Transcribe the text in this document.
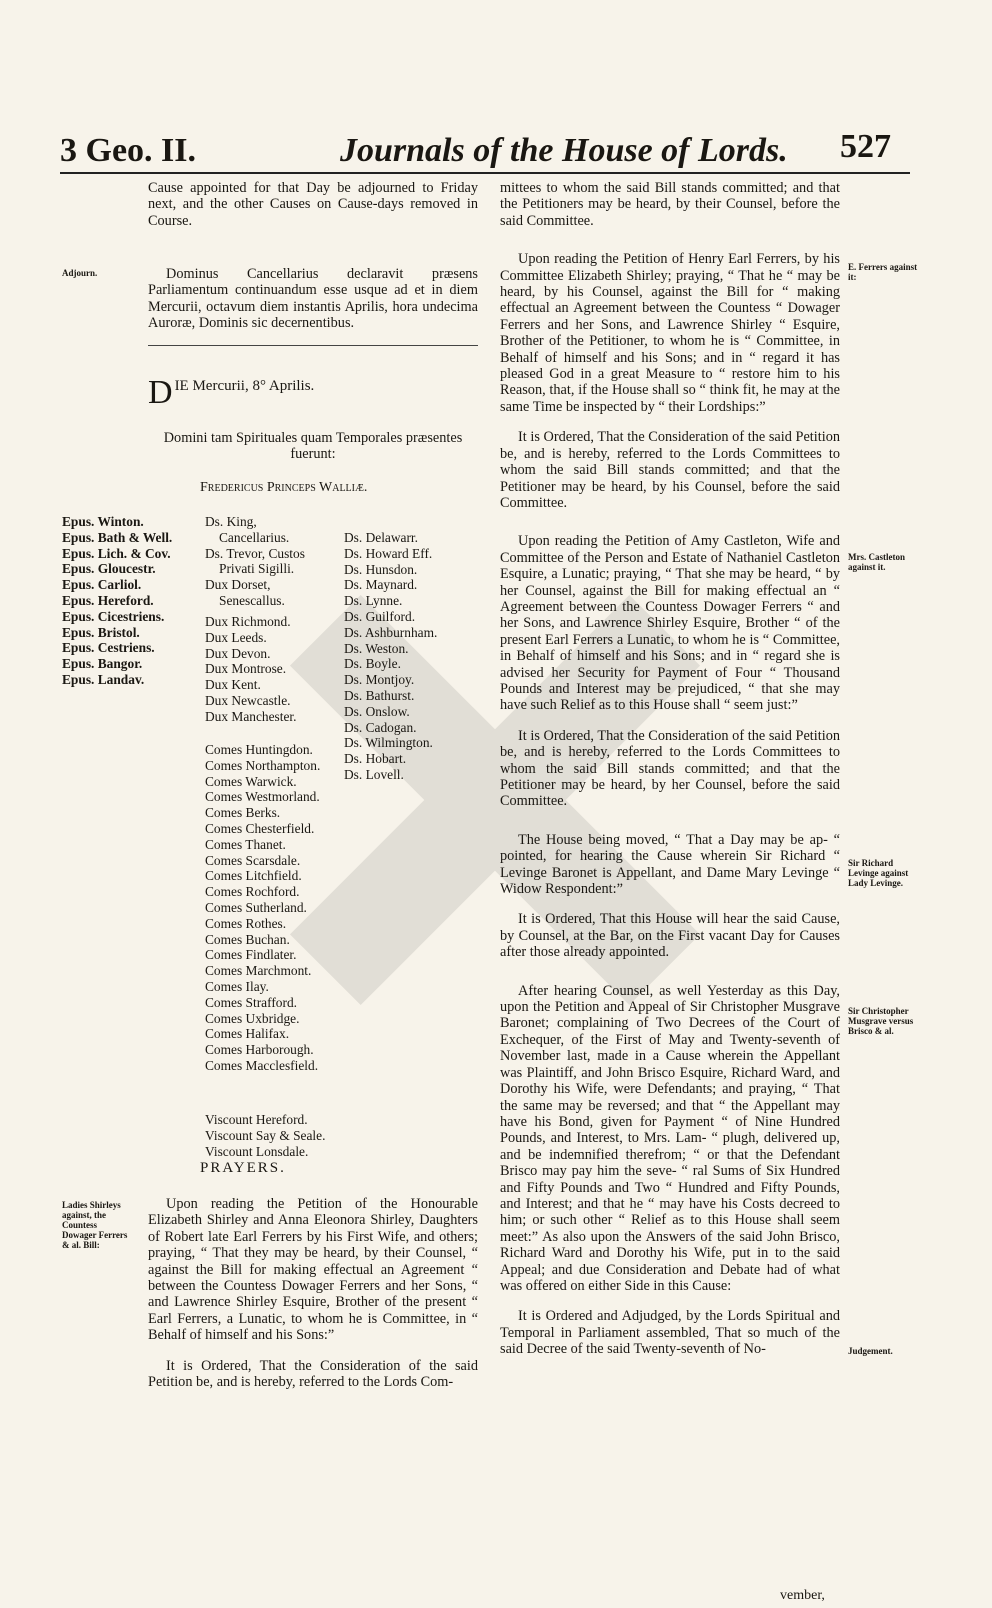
3 Geo. II.	Journals of the House of Lords. 527

Cause appointed for that Day be adjourned to Friday next, and the other Causes on Cause-days removed in Course.

Adjourn.	Dominus Cancellarius declaravit præsens Parliamentum continuandum esse usque ad et in diem Mercurii, octavum diem instantis Aprilis, hora undecima Auroræ, Dominis sic decernentibus.

D IE Mercurii, 8° Aprilis.
Domini tam Spirituales quam Temporales præsentes fuerunt:
Fredericus Princeps Walliæ.
Epus. Winton.
Epus. Bath & Well.
Epus. Lich. & Cov.
Epus. Gloucestr.
Epus. Carliol.
Epus. Hereford.
Epus. Cicestriens.
Epus. Bristol.
Epus. Cestriens.
Epus. Bangor.
Epus. Landav.
Ds. King,
Cancellarius.
Ds. Trevor, Custos
Privati Sigilli.
Dux Dorset,
Senescallus.
Dux Richmond.
Dux Leeds.
Dux Devon.
Dux Montrose.
Dux Kent.
Dux Newcastle.
Dux Manchester.
Comes Huntingdon.
Comes Northampton.
Comes Warwick.
Comes Westmorland.
Comes Berks.
Comes Chesterfield.
Comes Thanet.
Comes Scarsdale.
Comes Litchfield.
Comes Rochford.
Comes Sutherland.
Comes Rothes.
Comes Buchan.
Comes Findlater.
Comes Marchmont.
Comes Ilay.
Comes Strafford.
Comes Uxbridge.
Comes Halifax.
Comes Harborough.
Comes Macclesfield.
Viscount Hereford.
Viscount Say & Seale.
Viscount Lonsdale.
Ds. Delawarr.
Ds. Howard Eff.
Ds. Hunsdon.
Ds. Maynard.
Ds. Lynne.
Ds. Guilford.
Ds. Ashburnham.
Ds. Weston.
Ds. Boyle.
Ds. Montjoy.
Ds. Bathurst.
Ds. Onslow.
Ds. Cadogan.
Ds. Wilmington.
Ds. Hobart.
Ds. Lovell.
PRAYERS.
Ladies Shirleys against, the Countess Dowager Ferrers & al. Bill:

Upon reading the Petition of the Honourable Elizabeth Shirley and Anna Eleonora Shirley, Daughters of Robert late Earl Ferrers by his First Wife, and others; praying, “ That they may be heard, by their Counsel, “ against the Bill for making effectual an Agreement “ between the Countess Dowager Ferrers and her Sons, “ and Lawrence Shirley Esquire, Brother of the present “ Earl Ferrers, a Lunatic, to whom he is Committee, in “ Behalf of himself and his Sons:”

It is Ordered, That the Consideration of the said Petition be, and is hereby, referred to the Lords Com-

mittees to whom the said Bill stands committed; and that the Petitioners may be heard, by their Counsel, before the said Committee.

Upon reading the Petition of Henry Earl Ferrers, by his Committee Elizabeth Shirley; praying, “ That he “ may be heard, by his Counsel, against the Bill for “ making effectual an Agreement between the Countess “ Dowager Ferrers and her Sons, and Lawrence Shirley “ Esquire, Brother of the Petitioner, to whom he is “ Committee, in Behalf of himself and his Sons; and in “ regard it has pleased God in a great Measure to “ restore him to his Reason, that, if the House shall so “ think fit, he may at the same Time be inspected by “ their Lordships:”

It is Ordered, That the Consideration of the said Petition be, and is hereby, referred to the Lords Committees to whom the said Bill stands committed; and that the Petitioner may be heard, by his Counsel, before the said Committee.

Upon reading the Petition of Amy Castleton, Wife and Committee of the Person and Estate of Nathaniel Castleton Esquire, a Lunatic; praying, “ That she may be heard, “ by her Counsel, against the Bill for making effectual an “ Agreement between the Countess Dowager Ferrers “ and her Sons, and Lawrence Shirley Esquire, Brother “ of the present Earl Ferrers a Lunatic, to whom he is “ Committee, in Behalf of himself and his Sons; and in “ regard she is advised her Security for Payment of Four “ Thousand Pounds and Interest may be prejudiced, “ that she may have such Relief as to this House shall “ seem just:”

It is Ordered, That the Consideration of the said Petition be, and is hereby, referred to the Lords Committees to whom the said Bill stands committed; and that the Petitioner may be heard, by her Counsel, before the said Committee.

The House being moved, “ That a Day may be ap- “ pointed, for hearing the Cause wherein Sir Richard “ Levinge Baronet is Appellant, and Dame Mary Levinge “ Widow Respondent:”

It is Ordered, That this House will hear the said Cause, by Counsel, at the Bar, on the First vacant Day for Causes after those already appointed.

After hearing Counsel, as well Yesterday as this Day, upon the Petition and Appeal of Sir Christopher Musgrave Baronet; complaining of Two Decrees of the Court of Exchequer, of the First of May and Twenty-seventh of November last, made in a Cause wherein the Appellant was Plaintiff, and John Brisco Esquire, Richard Ward, and Dorothy his Wife, were Defendants; and praying, “ That the same may be reversed; and that “ the Appellant may have his Bond, given for Payment “ of Nine Hundred Pounds, and Interest, to Mrs. Lam- “ plugh, delivered up, and be indemnified therefrom; “ or that the Defendant Brisco may pay him the seve- “ ral Sums of Six Hundred and Fifty Pounds and Two “ Hundred and Fifty Pounds, and Interest; and that he “ may have his Costs decreed to him; or such other “ Relief as to this House shall seem meet:” As also upon the Answers of the said John Brisco, Richard Ward and Dorothy his Wife, put in to the said Appeal; and due Consideration and Debate had of what was offered on either Side in this Cause:

It is Ordered and Adjudged, by the Lords Spiritual and Temporal in Parliament assembled, That so much of the said Decree of the said Twenty-seventh of No-

vember,
E. Ferrers against it:
Mrs. Castleton against it.
Sir Richard Levinge against Lady Levinge.
Sir Christopher Musgrave versus Brisco & al.
Judgement.
